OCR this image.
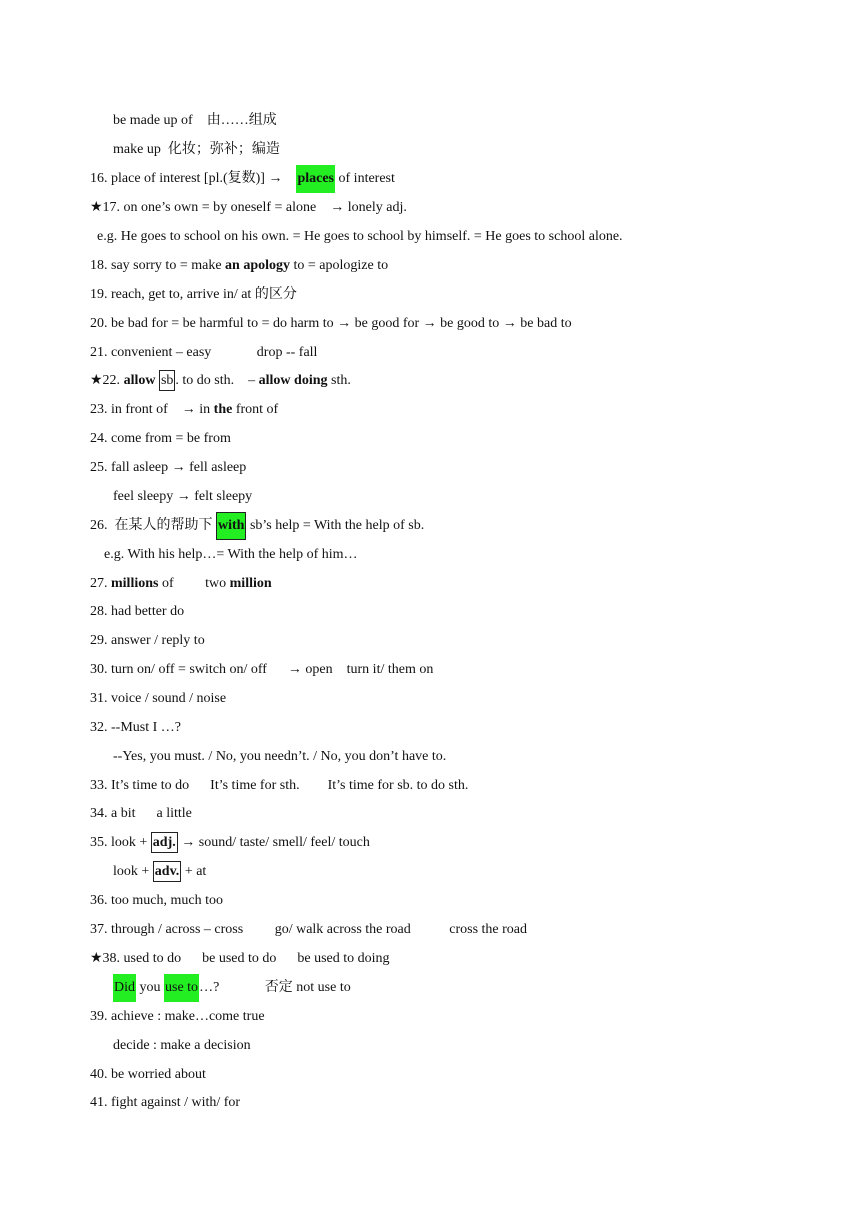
be made up of    由……组成
make up  化妆；弥补；编造
16. place of interest [pl.(复数)] →    places of interest
★17. on one’s own = by oneself = alone    → lonely adj.
e.g. He goes to school on his own. = He goes to school by himself. = He goes to school alone.
18. say sorry to = make an apology to = apologize to
19. reach, get to, arrive in/ at 的区分
20. be bad for = be harmful to = do harm to → be good for → be good to → be bad to
21. convenient – easy             drop -- fall
★22. allow sb . to do sth.    – allow doing sth.
23. in front of    → in the front of
24. come from = be from
25. fall asleep → fell asleep
feel sleepy → felt sleepy
26.  在某人的帮助下 with sb’s help = With the help of sb.
e.g. With his help…= With the help of him…
27. millions of         two million
28. had better do
29. answer / reply to
30. turn on/ off = switch on/ off      → open    turn it/ them on
31. voice / sound / noise
32. --Must I …?
--Yes, you must. / No, you needn’t. / No, you don’t have to.
33. It’s time to do      It’s time for sth.        It’s time for sb. to do sth.
34. a bit      a little
35. look + adj. → sound/ taste/ smell/ feel/ touch
look + adv. + at
36. too much, much too
37. through / across – cross         go/ walk across the road           cross the road
★38. used to do      be used to do      be used to doing
Did you use to…?             否定 not use to
39. achieve : make…come true
decide : make a decision
40. be worried about
41. fight against / with/ for
